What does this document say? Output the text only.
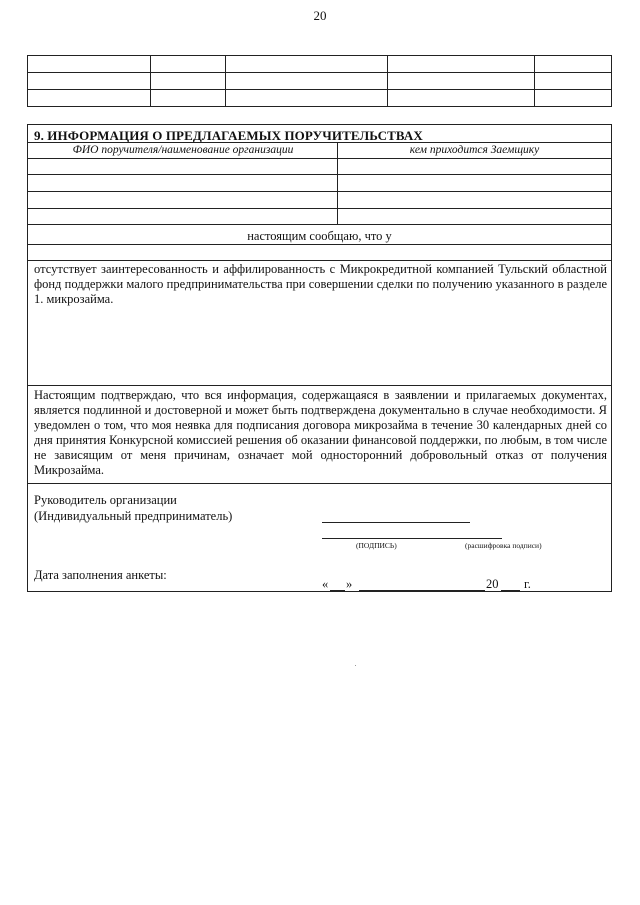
20

9. ИНФОРМАЦИЯ О ПРЕДЛАГАЕМЫХ ПОРУЧИТЕЛЬСТВАХ
ФИО поручителя/наименование организации	кем приходится Заемщику
настоящим сообщаю, что у
отсутствует заинтересованность и аффилированность с Микрокредитной компанией Тульский областной фонд поддержки малого предпринимательства при совершении сделки по получению указанного в разделе 1. микрозайма.
Настоящим подтверждаю, что вся информация, содержащаяся в заявлении и прилагаемых документах, является подлинной и достоверной и может быть подтверждена документально в случае необходимости. Я уведомлен о том, что моя неявка для подписания договора микрозайма в течение 30 календарных дней со дня принятия Конкурсной комиссией решения об оказании финансовой поддержки, по любым, в том числе не зависящим от меня причинам, означает мой односторонний добровольный отказ от получения Микрозайма.
Руководитель организации
(Индивидуальный предприниматель)
(ПОДПИСЬ)	(расшифровка подписи)
Дата заполнения анкеты:
« »	20 г.
